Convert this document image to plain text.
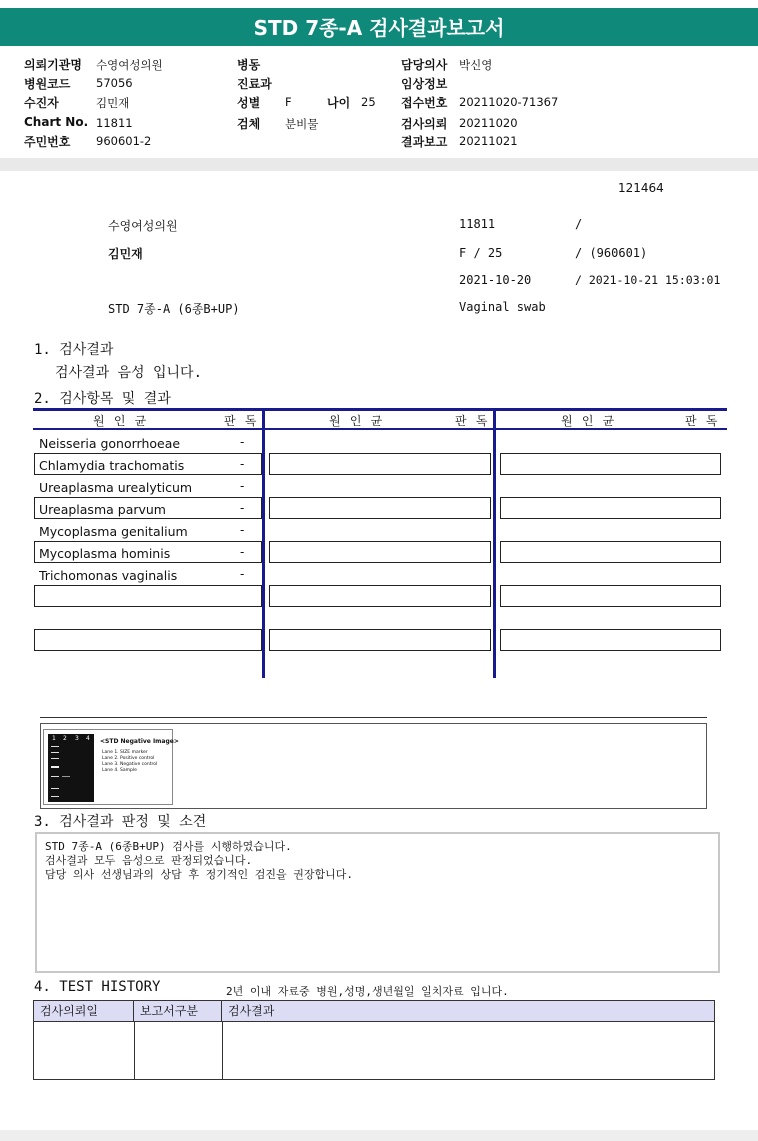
STD 7종-A 검사결과보고서
의뢰기관명 수영여성의원
병원코드 57056
수진자	김민재
Chart No. 11811
주민번호 960601-2
병동
진료과
성별 F	나이 25
검체 분비물
담당의사 박신영
임상정보
접수번호 20211020-71367
검사의뢰 20211020
결과보고 20211021
121464
수영여성의원	11811	/
김민재	F / 25	/ (960601)
2021-10-20	/ 2021-10-21 15:03:01
STD 7종-A (6종B+UP)	Vaginal swab
1. 검사결과
검사결과 음성 입니다.
2. 검사항목 및 결과
원 인 균	판 독	원 인 균	판 독	원 인 균	판 독
Neisseria gonorrhoeae	-
Chlamydia trachomatis	-
Ureaplasma urealyticum	-
Ureaplasma parvum	-
Mycoplasma genitalium	-
Mycoplasma hominis	-
Trichomonas vaginalis	-
1 2 3 4 <STD Negative Image>
Lane 1. SIZE marker
Lane 2. Positive control
Lane 3. Negative control
Lane 4. Sample
3. 검사결과 판정 및 소견
STD 7종-A (6종B+UP) 검사를 시행하였습니다.
검사결과 모두 음성으로 판정되었습니다.
담당 의사 선생님과의 상담 후 정기적인 검진을 권장합니다.
4. TEST HISTORY	2년 이내 자료중 병원,성명,생년월일 일치자료 입니다.
검사의뢰일	보고서구분	검사결과
